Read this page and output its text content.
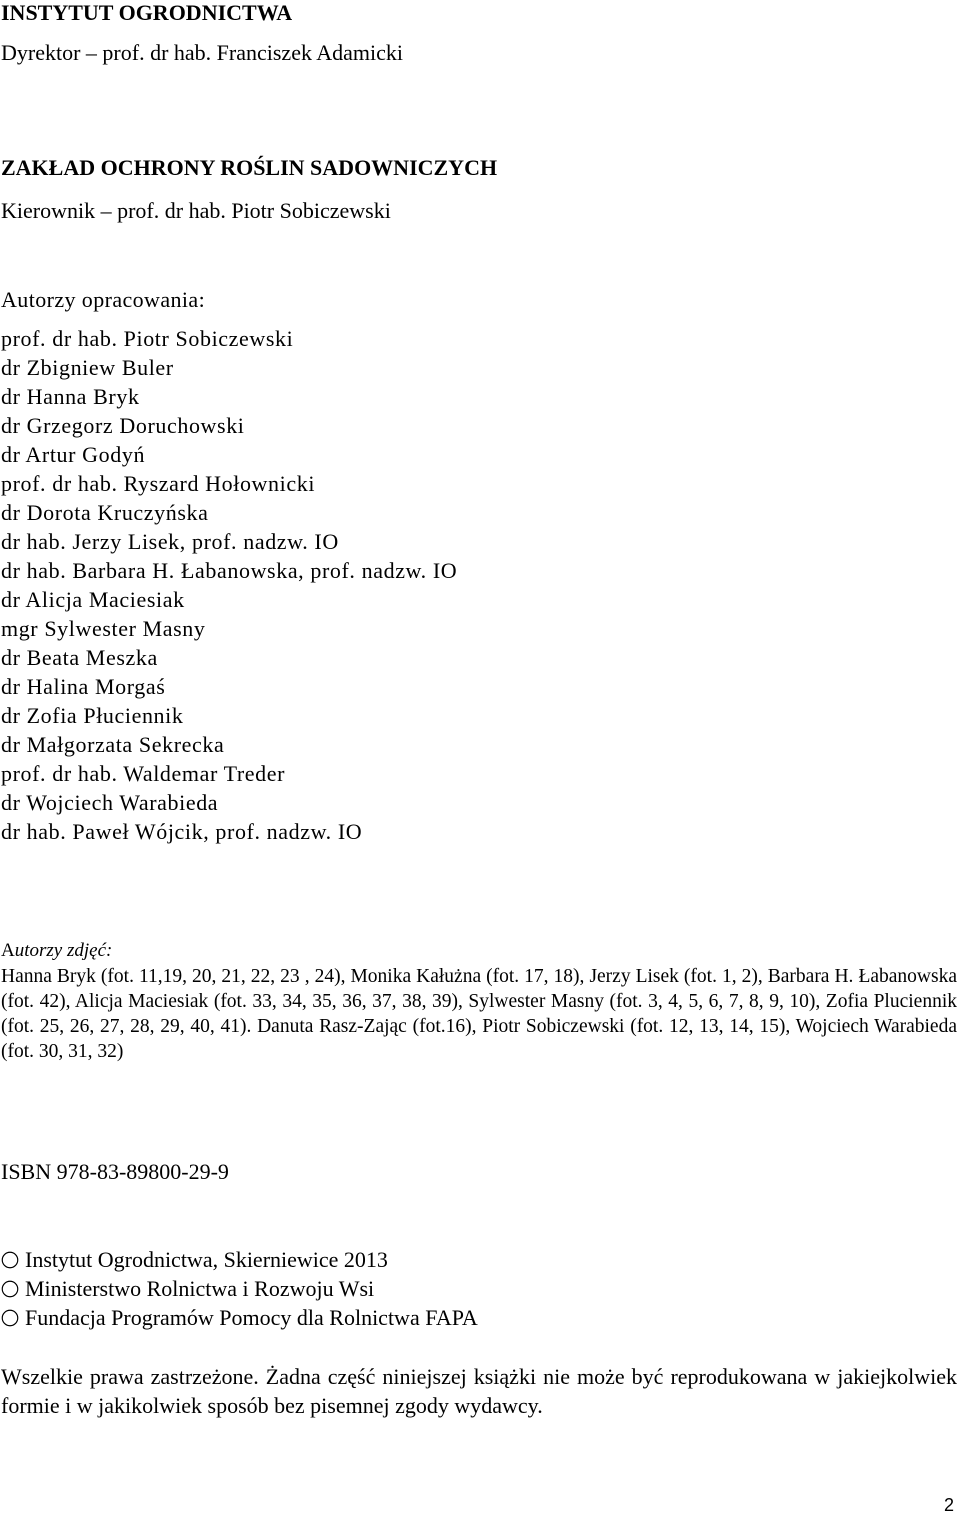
INSTYTUT OGRODNICTWA
Dyrektor – prof. dr hab. Franciszek Adamicki
ZAKŁAD OCHRONY ROŚLIN SADOWNICZYCH
Kierownik – prof. dr hab. Piotr Sobiczewski
Autorzy opracowania:
prof. dr hab. Piotr Sobiczewski
dr Zbigniew Buler
dr Hanna Bryk
dr Grzegorz Doruchowski
dr Artur Godyń
prof. dr hab. Ryszard Hołownicki
dr Dorota Kruczyńska
dr hab. Jerzy Lisek, prof. nadzw. IO
dr hab. Barbara H. Łabanowska, prof. nadzw. IO
dr Alicja Maciesiak
mgr Sylwester Masny
dr Beata Meszka
dr Halina Morgaś
dr Zofia Płuciennik
dr Małgorzata Sekrecka
prof. dr hab. Waldemar Treder
dr Wojciech Warabieda
dr hab. Paweł Wójcik, prof. nadzw. IO
Autorzy zdjęć:
Hanna Bryk (fot. 11,19, 20, 21, 22, 23 , 24), Monika Kałużna (fot. 17, 18), Jerzy Lisek (fot. 1, 2), Barbara H. Łabanowska (fot. 42), Alicja Maciesiak (fot. 33, 34, 35, 36, 37, 38, 39), Sylwester Masny (fot. 3, 4, 5, 6, 7, 8, 9, 10), Zofia Pluciennik (fot. 25, 26, 27, 28, 29, 40, 41). Danuta Rasz-Zając (fot.16), Piotr Sobiczewski (fot. 12, 13, 14, 15), Wojciech Warabieda (fot. 30, 31, 32)
ISBN 978-83-89800-29-9
Instytut Ogrodnictwa, Skierniewice 2013
Ministerstwo Rolnictwa i Rozwoju Wsi
Fundacja Programów Pomocy dla Rolnictwa FAPA
Wszelkie prawa zastrzeżone. Żadna część niniejszej książki nie może być reprodukowana w jakiejkolwiek formie i w jakikolwiek sposób bez pisemnej zgody wydawcy.
2
